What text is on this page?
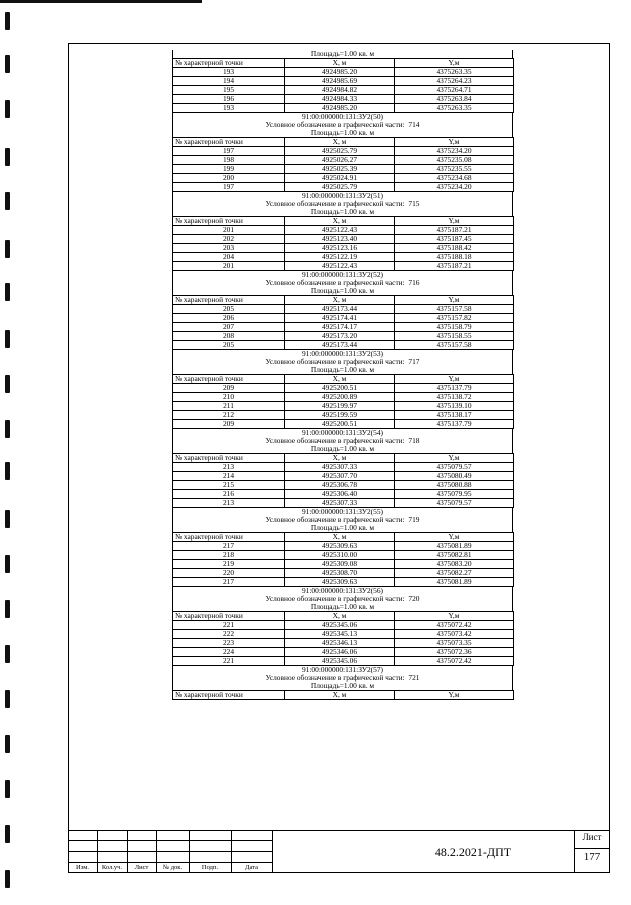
Площадь=1.00 кв. м
№ характерной точки	X, м	Y,м
193	4924985.20	4375263.35
194	4924985.69	4375264.23
195	4924984.82	4375264.71
196	4924984.33	4375263.84
193	4924985.20	4375263.35
91:00:000000:131:ЗУ2(50)
Условное обозначение в графической части: 714
Площадь=1.00 кв. м
№ характерной точки	X, м	Y,м
197	4925025.79	4375234.20
198	4925026.27	4375235.08
199	4925025.39	4375235.55
200	4925024.91	4375234.68
197	4925025.79	4375234.20
91:00:000000:131:ЗУ2(51)
Условное обозначение в графической части: 715
Площадь=1.00 кв. м
№ характерной точки	X, м	Y,м
201	4925122.43	4375187.21
202	4925123.40	4375187.45
203	4925123.16	4375188.42
204	4925122.19	4375188.18
201	4925122.43	4375187.21
91:00:000000:131:ЗУ2(52)
Условное обозначение в графической части: 716
Площадь=1.00 кв. м
№ характерной точки	X, м	Y,м
205	4925173.44	4375157.58
206	4925174.41	4375157.82
207	4925174.17	4375158.79
208	4925173.20	4375158.55
205	4925173.44	4375157.58
91:00:000000:131:ЗУ2(53)
Условное обозначение в графической части: 717
Площадь=1.00 кв. м
№ характерной точки	X, м	Y,м
209	4925200.51	4375137.79
210	4925200.89	4375138.72
211	4925199.97	4375139.10
212	4925199.59	4375138.17
209	4925200.51	4375137.79
91:00:000000:131:ЗУ2(54)
Условное обозначение в графической части: 718
Площадь=1.00 кв. м
№ характерной точки	X, м	Y,м
213	4925307.33	4375079.57
214	4925307.70	4375080.49
215	4925306.78	4375080.88
216	4925306.40	4375079.95
213	4925307.33	4375079.57
91:00:000000:131:ЗУ2(55)
Условное обозначение в графической части: 719
Площадь=1.00 кв. м
№ характерной точки	X, м	Y,м
217	4925309.63	4375081.89
218	4925310.00	4375082.81
219	4925309.08	4375083.20
220	4925308.70	4375082.27
217	4925309.63	4375081.89
91:00:000000:131:ЗУ2(56)
Условное обозначение в графической части: 720
Площадь=1.00 кв. м
№ характерной точки	X, м	Y,м
221	4925345.06	4375072.42
222	4925345.13	4375073.42
223	4925346.13	4375073.35
224	4925346.06	4375072.36
221	4925345.06	4375072.42
91:00:000000:131:ЗУ2(57)
Условное обозначение в графической части: 721
Площадь=1.00 кв. м
№ характерной точки	X, м	Y,м
Изм.	Кол.уч.	Лист	№ док.	Подп.	Дата
48.2.2021-ДПТ
Лист
177
